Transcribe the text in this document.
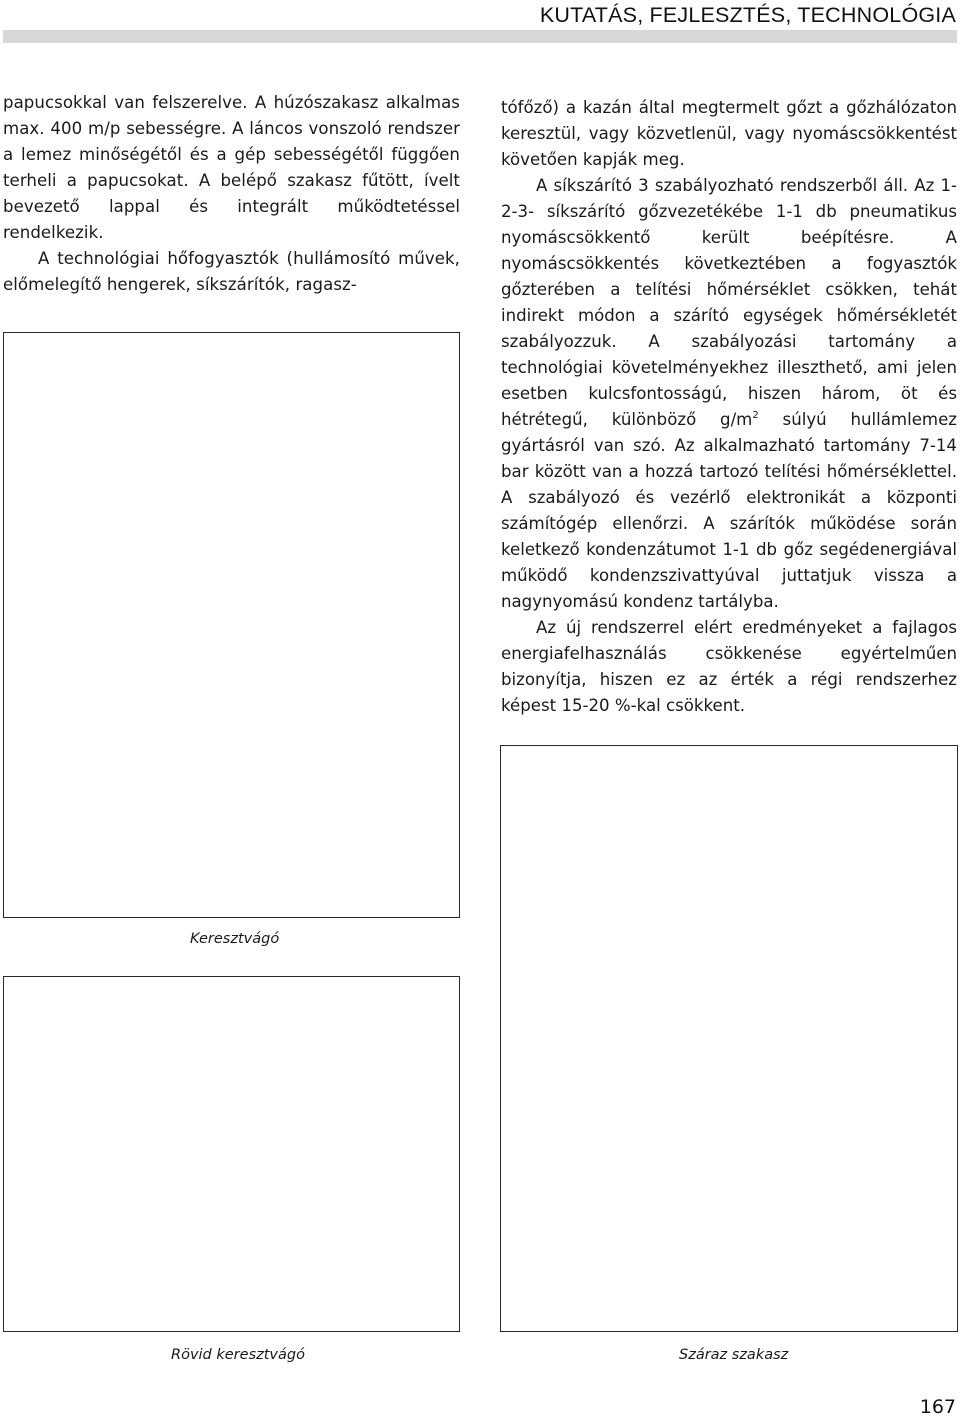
KUTATÁS, FEJLESZTÉS, TECHNOLÓGIA

papucsokkal van felszerelve. A húzószakasz alkalmas max. 400 m/p sebességre. A láncos vonszoló rendszer a lemez minőségétől és a gép sebességétől függően terheli a papucsokat. A belépő szakasz fűtött, ívelt bevezető lappal és integrált működtetéssel rendelkezik.

A technológiai hőfogyasztók (hullámosító művek, előmelegítő hengerek, síkszárítók, ragasz-

Keresztvágó

tófőző) a kazán által megtermelt gőzt a gőzhálózaton keresztül, vagy közvetlenül, vagy nyomáscsökkentést követően kapják meg.

A síkszárító 3 szabályozható rendszerből áll. Az 1-2-3- síkszárító gőzvezetékébe 1-1 db pneumatikus nyomáscsökkentő került beépítésre. A nyomáscsökkentés következtében a fogyasztók gőzterében a telítési hőmérséklet csökken, tehát indirekt módon a szárító egységek hőmérsékletét szabályozzuk. A szabályozási tartomány a technológiai követelményekhez illeszthető, ami jelen esetben kulcsfontosságú, hiszen három, öt és hétrétegű, különböző $g/m^2$ súlyú hullámlemez gyártásról van szó. Az alkalmazható tartomány 7-14 bar között van a hozzá tartozó telítési hőmérséklettel. A szabályozó és vezérlő elektronikát a központi számítógép ellenőrzi. A szárítók működése során keletkező kondenzátumot 1-1 db gőz segédenergiával működő kondenzszivattyúval juttatjuk vissza a nagynyomású kondenz tartályba.

Az új rendszerrel elért eredményeket a fajlagos energiafelhasználás csökkenése egyértelműen bizonyítja, hiszen ez az érték a régi rendszerhez képest 15-20 %-kal csökkent.

Rövid keresztvágó	Száraz szakasz
167
